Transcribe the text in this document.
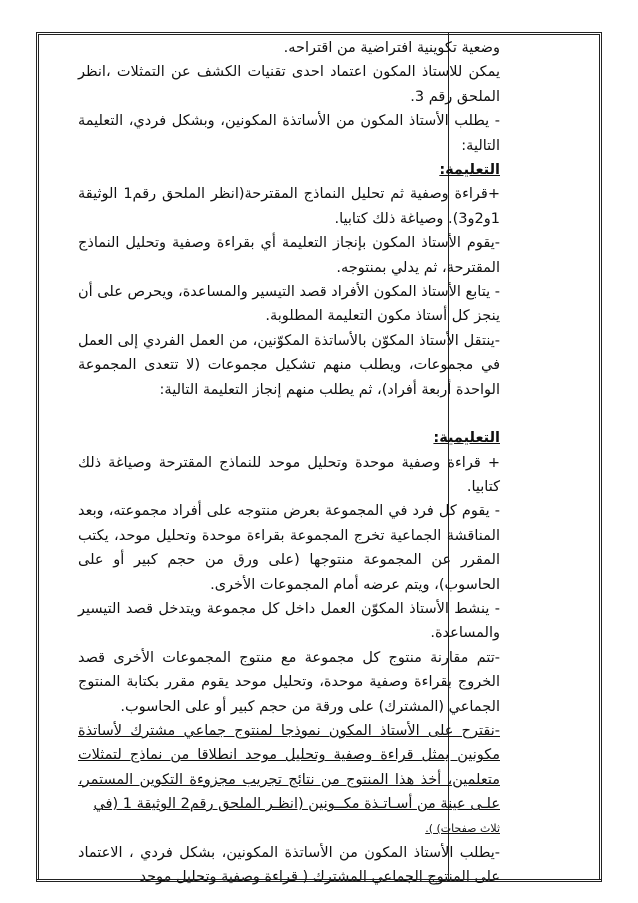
وضعية تكوينية افتراضية من اقتراحه.

يمكن للاستاذ المكون اعتماد احدى تقنيات الكشف عن التمثلات ،انظر الملحق رقم 3.

- يطلب الأستاذ المكون من الأساتذة المكونين، وبشكل فردي، التعليمة التالية:

التعليمة:

+قراءة وصفية ثم تحليل النماذج المقترحة(انظر الملحق رقم1 الوثيقة 1و2و3). وصياغة ذلك كتابيا.

-يقوم الأستاذ المكون بإنجاز التعليمة أي بقراءة وصفية وتحليل النماذج المقترحة، ثم يدلي بمنتوجه.

- يتابع الأستاذ المكون الأفراد قصد التيسير والمساعدة، ويحرص على أن ينجز كل أستاذ مكون التعليمة المطلوبة.

-ينتقل الأستاذ المكوّن بالأساتذة المكوّنين، من العمل الفردي إلى العمل في مجموعات، ويطلب منهم تشكيل مجموعات (لا تتعدى المجموعة الواحدة أربعة أفراد)، ثم يطلب منهم إنجاز التعليمة التالية:

التعليمية:

+ قراءة وصفية موحدة وتحليل موحد للنماذج المقترحة وصياغة ذلك كتابيا.

- يقوم كل فرد في المجموعة بعرض منتوجه على أفراد مجموعته، وبعد المناقشة الجماعية تخرج المجموعة بقراءة موحدة وتحليل موحد، يكتب المقرر عن المجموعة منتوجها (على ورق من حجم كبير أو على الحاسوب)، ويتم عرضه أمام المجموعات الأخرى.

- ينشط الأستاذ المكوّن العمل داخل كل مجموعة ويتدخل قصد التيسير والمساعدة.

-تتم مقارنة منتوج كل مجموعة مع منتوج المجموعات الأخرى قصد الخروج بقراءة وصفية موحدة، وتحليل موحد يقوم مقرر بكتابة المنتوج الجماعي (المشترك) على ورقة من حجم كبير أو على الحاسوب.

-نقترح على الأستاذ المكون نموذجا لمنتوج جماعي مشترك لأساتذة مكونين يمثل قراءة وصفية وتحليل موحد انطلاقا من نماذج لتمثلات متعلمين، أخذ هذا المنتوج من نتائج تجريب مجزوءة التكوين المستمر، علـى عينة من أسـاتـذة مكــونين (انظـر الملحق رقم2 الوثيقة 1 (في

ثلاث صفحات) ).

-يطلب الأستاذ المكون من الأساتذة المكونين، بشكل فردي ، الاعتماد على المنتوج الجماعي المشترك ( قراءة وصفية وتحليل موحد
